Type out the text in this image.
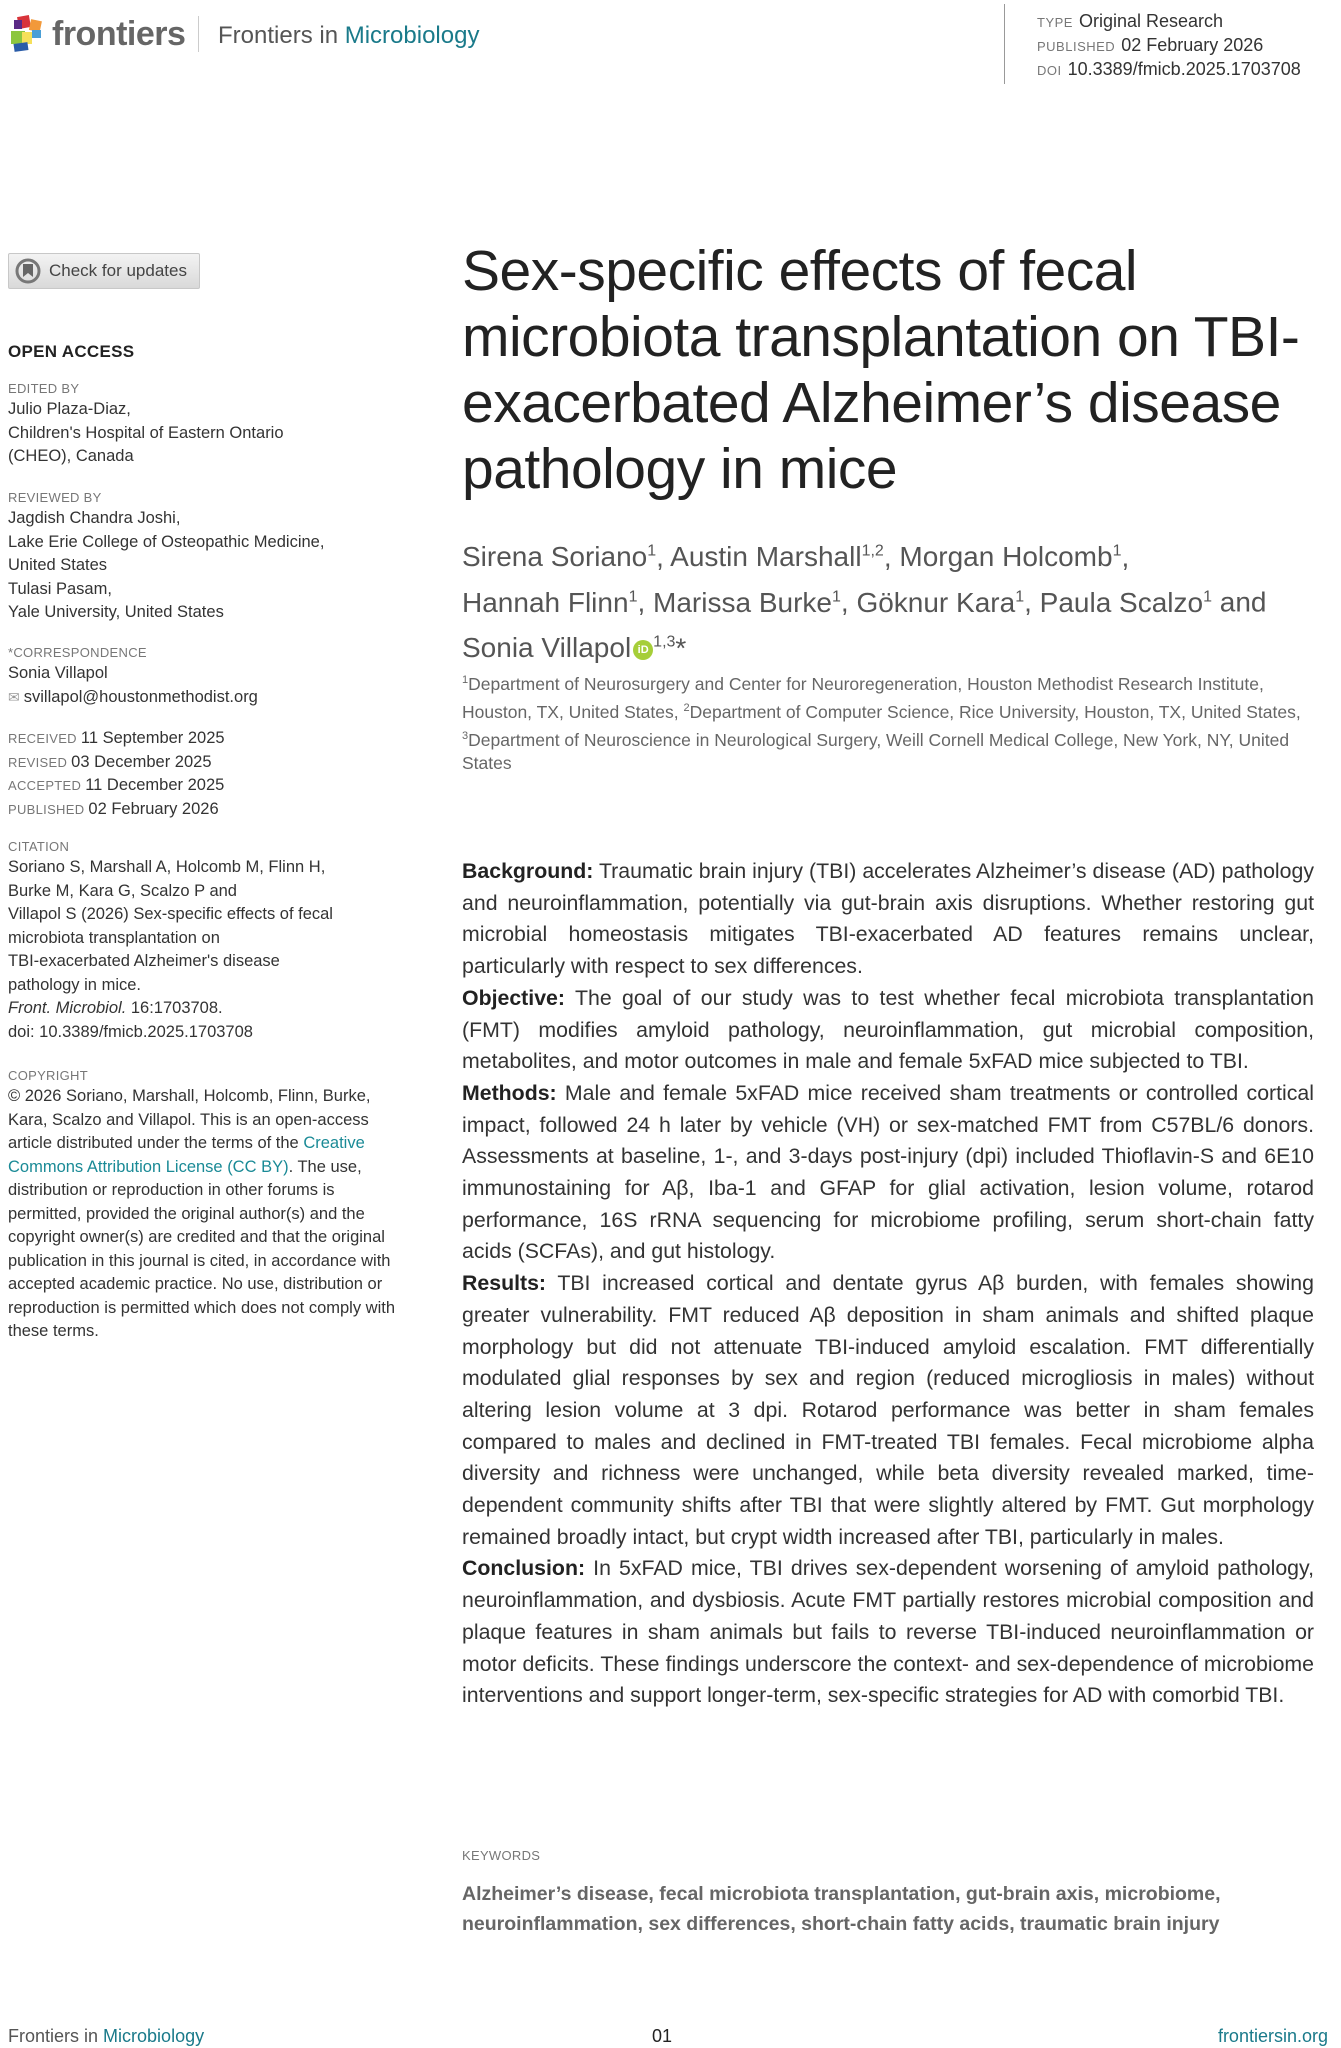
frontiers Frontiers in Microbiology	TYPE Original Research
PUBLISHED 02 February 2026
DOI 10.3389/fmicb.2025.1703708
Check for updates
OPEN ACCESS
EDITED BY
Julio Plaza-Diaz,
Children's Hospital of Eastern Ontario
(CHEO), Canada
REVIEWED BY
Jagdish Chandra Joshi,
Lake Erie College of Osteopathic Medicine,
United States
Tulasi Pasam,
Yale University, United States
*CORRESPONDENCE
Sonia Villapol
✉ svillapol@houstonmethodist.org
RECEIVED 11 September 2025
REVISED 03 December 2025
ACCEPTED 11 December 2025
PUBLISHED 02 February 2026
CITATION
Soriano S, Marshall A, Holcomb M, Flinn H,
Burke M, Kara G, Scalzo P and
Villapol S (2026) Sex-specific effects of fecal
microbiota transplantation on
TBI-exacerbated Alzheimer's disease
pathology in mice.
Front. Microbiol. 16:1703708.
doi: 10.3389/fmicb.2025.1703708
COPYRIGHT
© 2026 Soriano, Marshall, Holcomb, Flinn, Burke, Kara, Scalzo and Villapol. This is an open-access article distributed under the terms of the Creative Commons Attribution License (CC BY). The use, distribution or reproduction in other forums is permitted, provided the original author(s) and the copyright owner(s) are credited and that the original publication in this journal is cited, in accordance with accepted academic practice. No use, distribution or reproduction is permitted which does not comply with these terms.
Sex-specific effects of fecal microbiota transplantation on TBI-exacerbated Alzheimer’s disease pathology in mice
Sirena Soriano$^1$, Austin Marshall$^{1,2}$, Morgan Holcomb$^1$,
Hannah Flinn$^1$, Marissa Burke$^1$, Göknur Kara$^1$, Paula Scalzo$^1$ and
Sonia Villapol iD $^{1,3}$*
$^1$Department of Neurosurgery and Center for Neuroregeneration, Houston Methodist Research Institute, Houston, TX, United States, $^2$Department of Computer Science, Rice University, Houston, TX, United States, $^3$Department of Neuroscience in Neurological Surgery, Weill Cornell Medical College, New York, NY, United States

Background: Traumatic brain injury (TBI) accelerates Alzheimer’s disease (AD) pathology and neuroinflammation, potentially via gut-brain axis disruptions. Whether restoring gut microbial homeostasis mitigates TBI-exacerbated AD features remains unclear, particularly with respect to sex differences.

Objective: The goal of our study was to test whether fecal microbiota transplantation (FMT) modifies amyloid pathology, neuroinflammation, gut microbial composition, metabolites, and motor outcomes in male and female 5xFAD mice subjected to TBI.

Methods: Male and female 5xFAD mice received sham treatments or controlled cortical impact, followed 24 h later by vehicle (VH) or sex-matched FMT from C57BL/6 donors. Assessments at baseline, 1-, and 3-days post-injury (dpi) included Thioflavin-S and 6E10 immunostaining for Aβ, Iba-1 and GFAP for glial activation, lesion volume, rotarod performance, 16S rRNA sequencing for microbiome profiling, serum short-chain fatty acids (SCFAs), and gut histology.

Results: TBI increased cortical and dentate gyrus Aβ burden, with females showing greater vulnerability. FMT reduced Aβ deposition in sham animals and shifted plaque morphology but did not attenuate TBI-induced amyloid escalation. FMT differentially modulated glial responses by sex and region (reduced microgliosis in males) without altering lesion volume at 3 dpi. Rotarod performance was better in sham females compared to males and declined in FMT-treated TBI females. Fecal microbiome alpha diversity and richness were unchanged, while beta diversity revealed marked, time-dependent community shifts after TBI that were slightly altered by FMT. Gut morphology remained broadly intact, but crypt width increased after TBI, particularly in males.

Conclusion: In 5xFAD mice, TBI drives sex-dependent worsening of amyloid pathology, neuroinflammation, and dysbiosis. Acute FMT partially restores microbial composition and plaque features in sham animals but fails to reverse TBI-induced neuroinflammation or motor deficits. These findings underscore the context- and sex-dependence of microbiome interventions and support longer-term, sex-specific strategies for AD with comorbid TBI.

KEYWORDS
Alzheimer’s disease, fecal microbiota transplantation, gut-brain axis, microbiome, neuroinflammation, sex differences, short-chain fatty acids, traumatic brain injury
Frontiers in Microbiology	01	frontiersin.org
